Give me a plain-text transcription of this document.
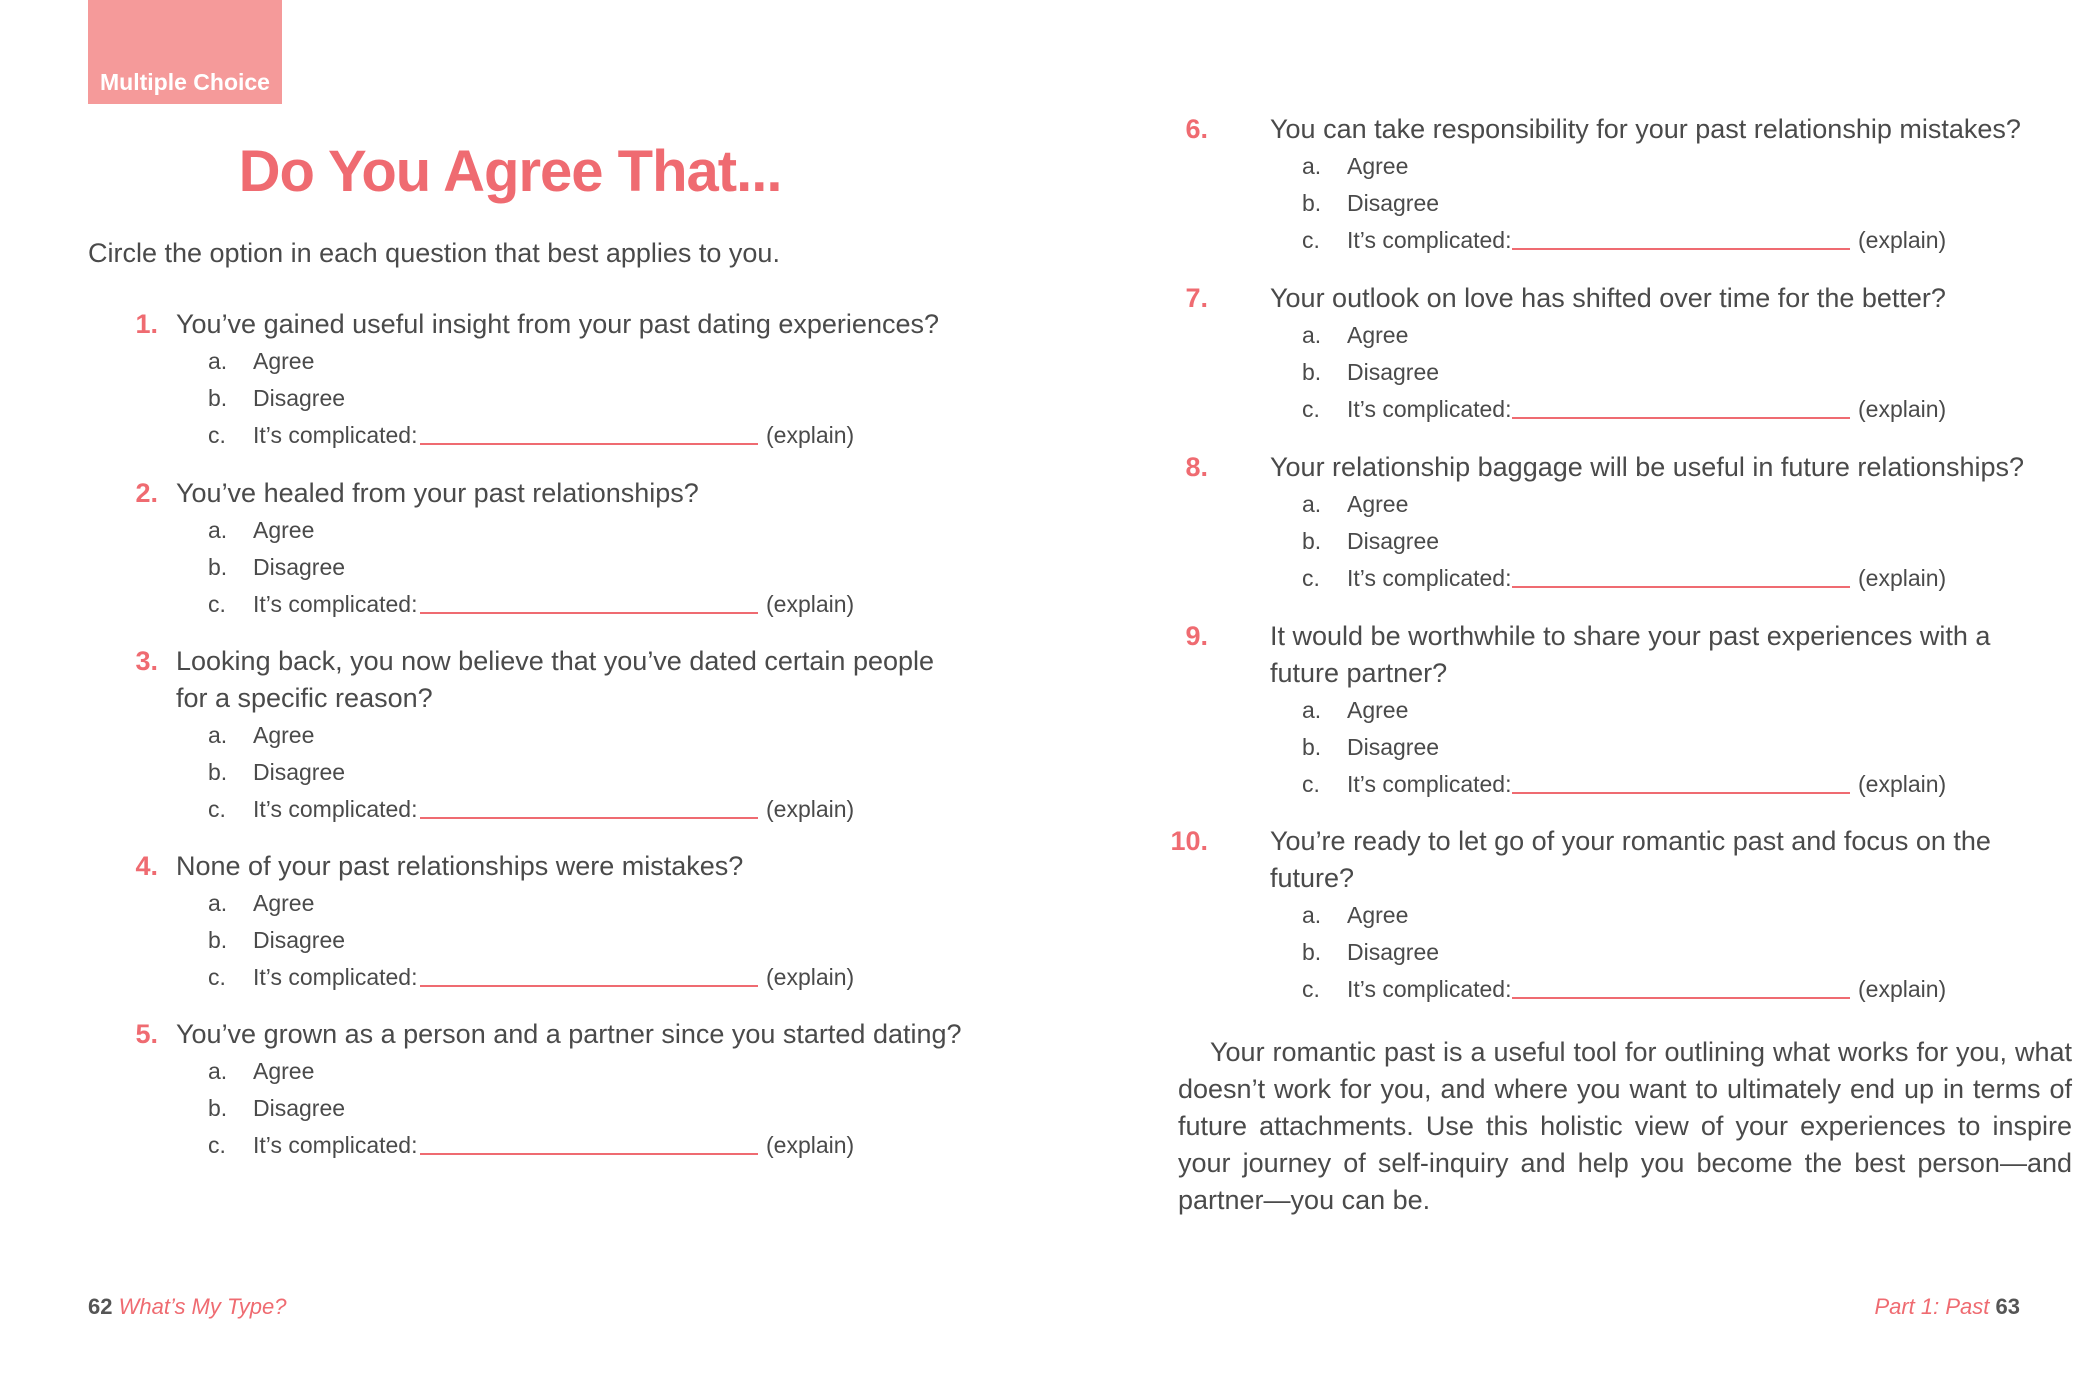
Multiple Choice
Do You Agree That...
Circle the option in each question that best applies to you.
1. You’ve gained useful insight from your past dating experiences?
a. Agree
b. Disagree
c. It’s complicated:	(explain)
2. You’ve healed from your past relationships?
a. Agree
b. Disagree
c. It’s complicated:	(explain)
3. Looking back, you now believe that you’ve dated certain people
for a specific reason?
a. Agree
b. Disagree
c. It’s complicated:	(explain)
4. None of your past relationships were mistakes?
a. Agree
b. Disagree
c. It’s complicated:	(explain)
5. You’ve grown as a person and a partner since you started dating?
a. Agree
b. Disagree
c. It’s complicated:	(explain)
62 What’s My Type?
6. You can take responsibility for your past relationship mistakes?
a. Agree
b. Disagree
c. It’s complicated:	(explain)
7. Your outlook on love has shifted over time for the better?
a. Agree
b. Disagree
c. It’s complicated:	(explain)
8. Your relationship baggage will be useful in future relationships?
a. Agree
b. Disagree
c. It’s complicated:	(explain)
9. It would be worthwhile to share your past experiences with a
future partner?
a. Agree
b. Disagree
c. It’s complicated:	(explain)
10. You’re ready to let go of your romantic past and focus on the
future?
a. Agree
b. Disagree
c. It’s complicated:	(explain)
Your romantic past is a useful tool for outlining what works for you, what doesn’t work for you, and where you want to ultimately end up in terms of future attachments. Use this holistic view of your experiences to inspire your journey of self-inquiry and help you become the best person—and partner—you can be.
Part 1: Past 63
